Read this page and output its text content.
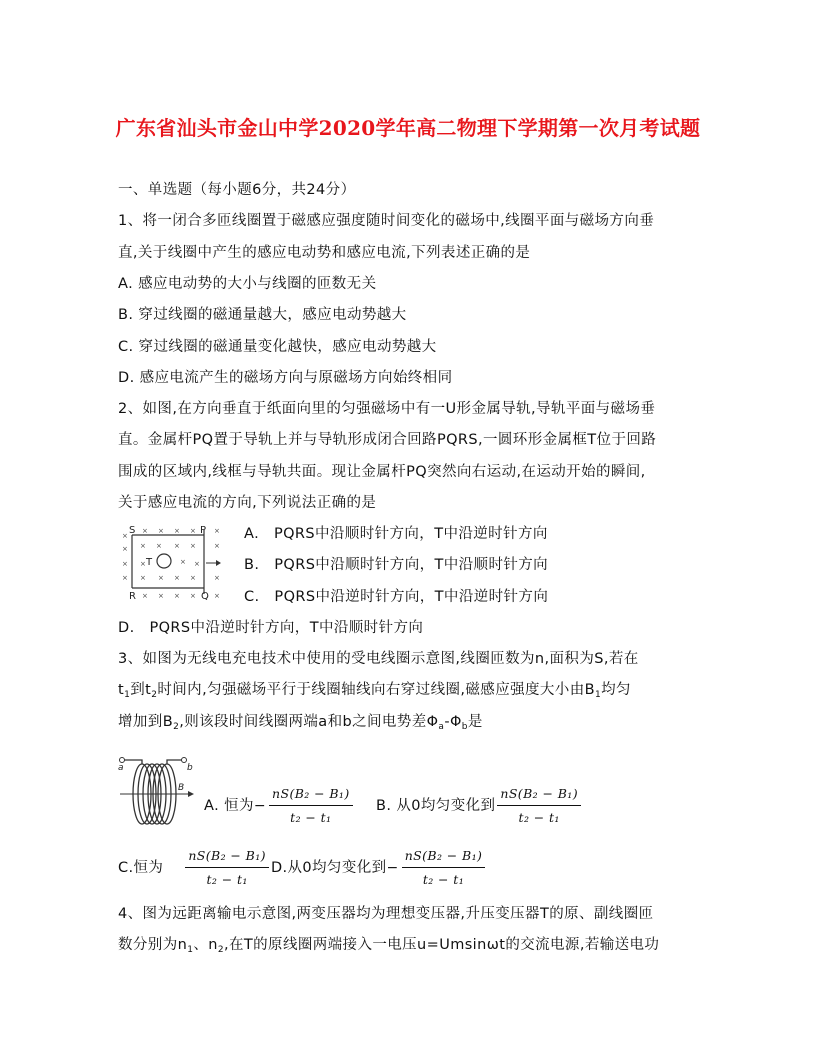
广东省汕头市金山中学2020学年高二物理下学期第一次月考试题
一、单选题（每小题6分，共24分）
1、将一闭合多匝线圈置于磁感应强度随时间变化的磁场中,线圈平面与磁场方向垂
直,关于线圈中产生的感应电动势和感应电流,下列表述正确的是
A. 感应电动势的大小与线圈的匝数无关
B. 穿过线圈的磁通量越大，感应电动势越大
C. 穿过线圈的磁通量变化越快，感应电动势越大
D. 感应电流产生的磁场方向与原磁场方向始终相同
2、如图,在方向垂直于纸面向里的匀强磁场中有一U形金属导轨,导轨平面与磁场垂
直。金属杆PQ置于导轨上并与导轨形成闭合回路PQRS,一圆环形金属框T位于回路
围成的区域内,线框与导轨共面。现让金属杆PQ突然向右运动,在运动开始的瞬间,
关于感应电流的方向,下列说法正确的是
×
× × × ×	×
× × × × ×	×
× ×	× ×
× × × × ×	×
× × × ×	×
S	P
T
R	Q
A.　PQRS中沿顺时针方向，T中沿逆时针方向
B.　PQRS中沿顺时针方向，T中沿顺时针方向
C.　PQRS中沿逆时针方向，T中沿逆时针方向
D.　PQRS中沿逆时针方向，T中沿顺时针方向
3、如图为无线电充电技术中使用的受电线圈示意图,线圈匝数为n,面积为S,若在
$t_1$到$t_2$时间内,匀强磁场平行于线圈轴线向右穿过线圈,磁感应强度大小由$B_1$均匀
增加到$B_2$,则该段时间线圈两端a和b之间电势差$\Phi_a-\Phi_b$是
a	b
B
A. 恒为− $\frac{\text{nS(B₂ − B₁)}}{\text{t₂ − t₁}} B$. 从0均匀变化到 $\frac{\text{nS(B₂ − B₁)}}{\text{t₂ − t₁}}$
C.恒为 $\frac{\text{nS(B₂ − B₁)}}{\text{t₂ − t₁}} D$.从0均匀变化到− $\frac{\text{nS(B₂ − B₁)}}{\text{t₂ − t₁}}$
4、图为远距离输电示意图,两变压器均为理想变压器,升压变压器T的原、副线圈匝
数分别为$n_1$、$n_2$,在T的原线圈两端接入一电压u=Umsinωt的交流电源,若输送电功
